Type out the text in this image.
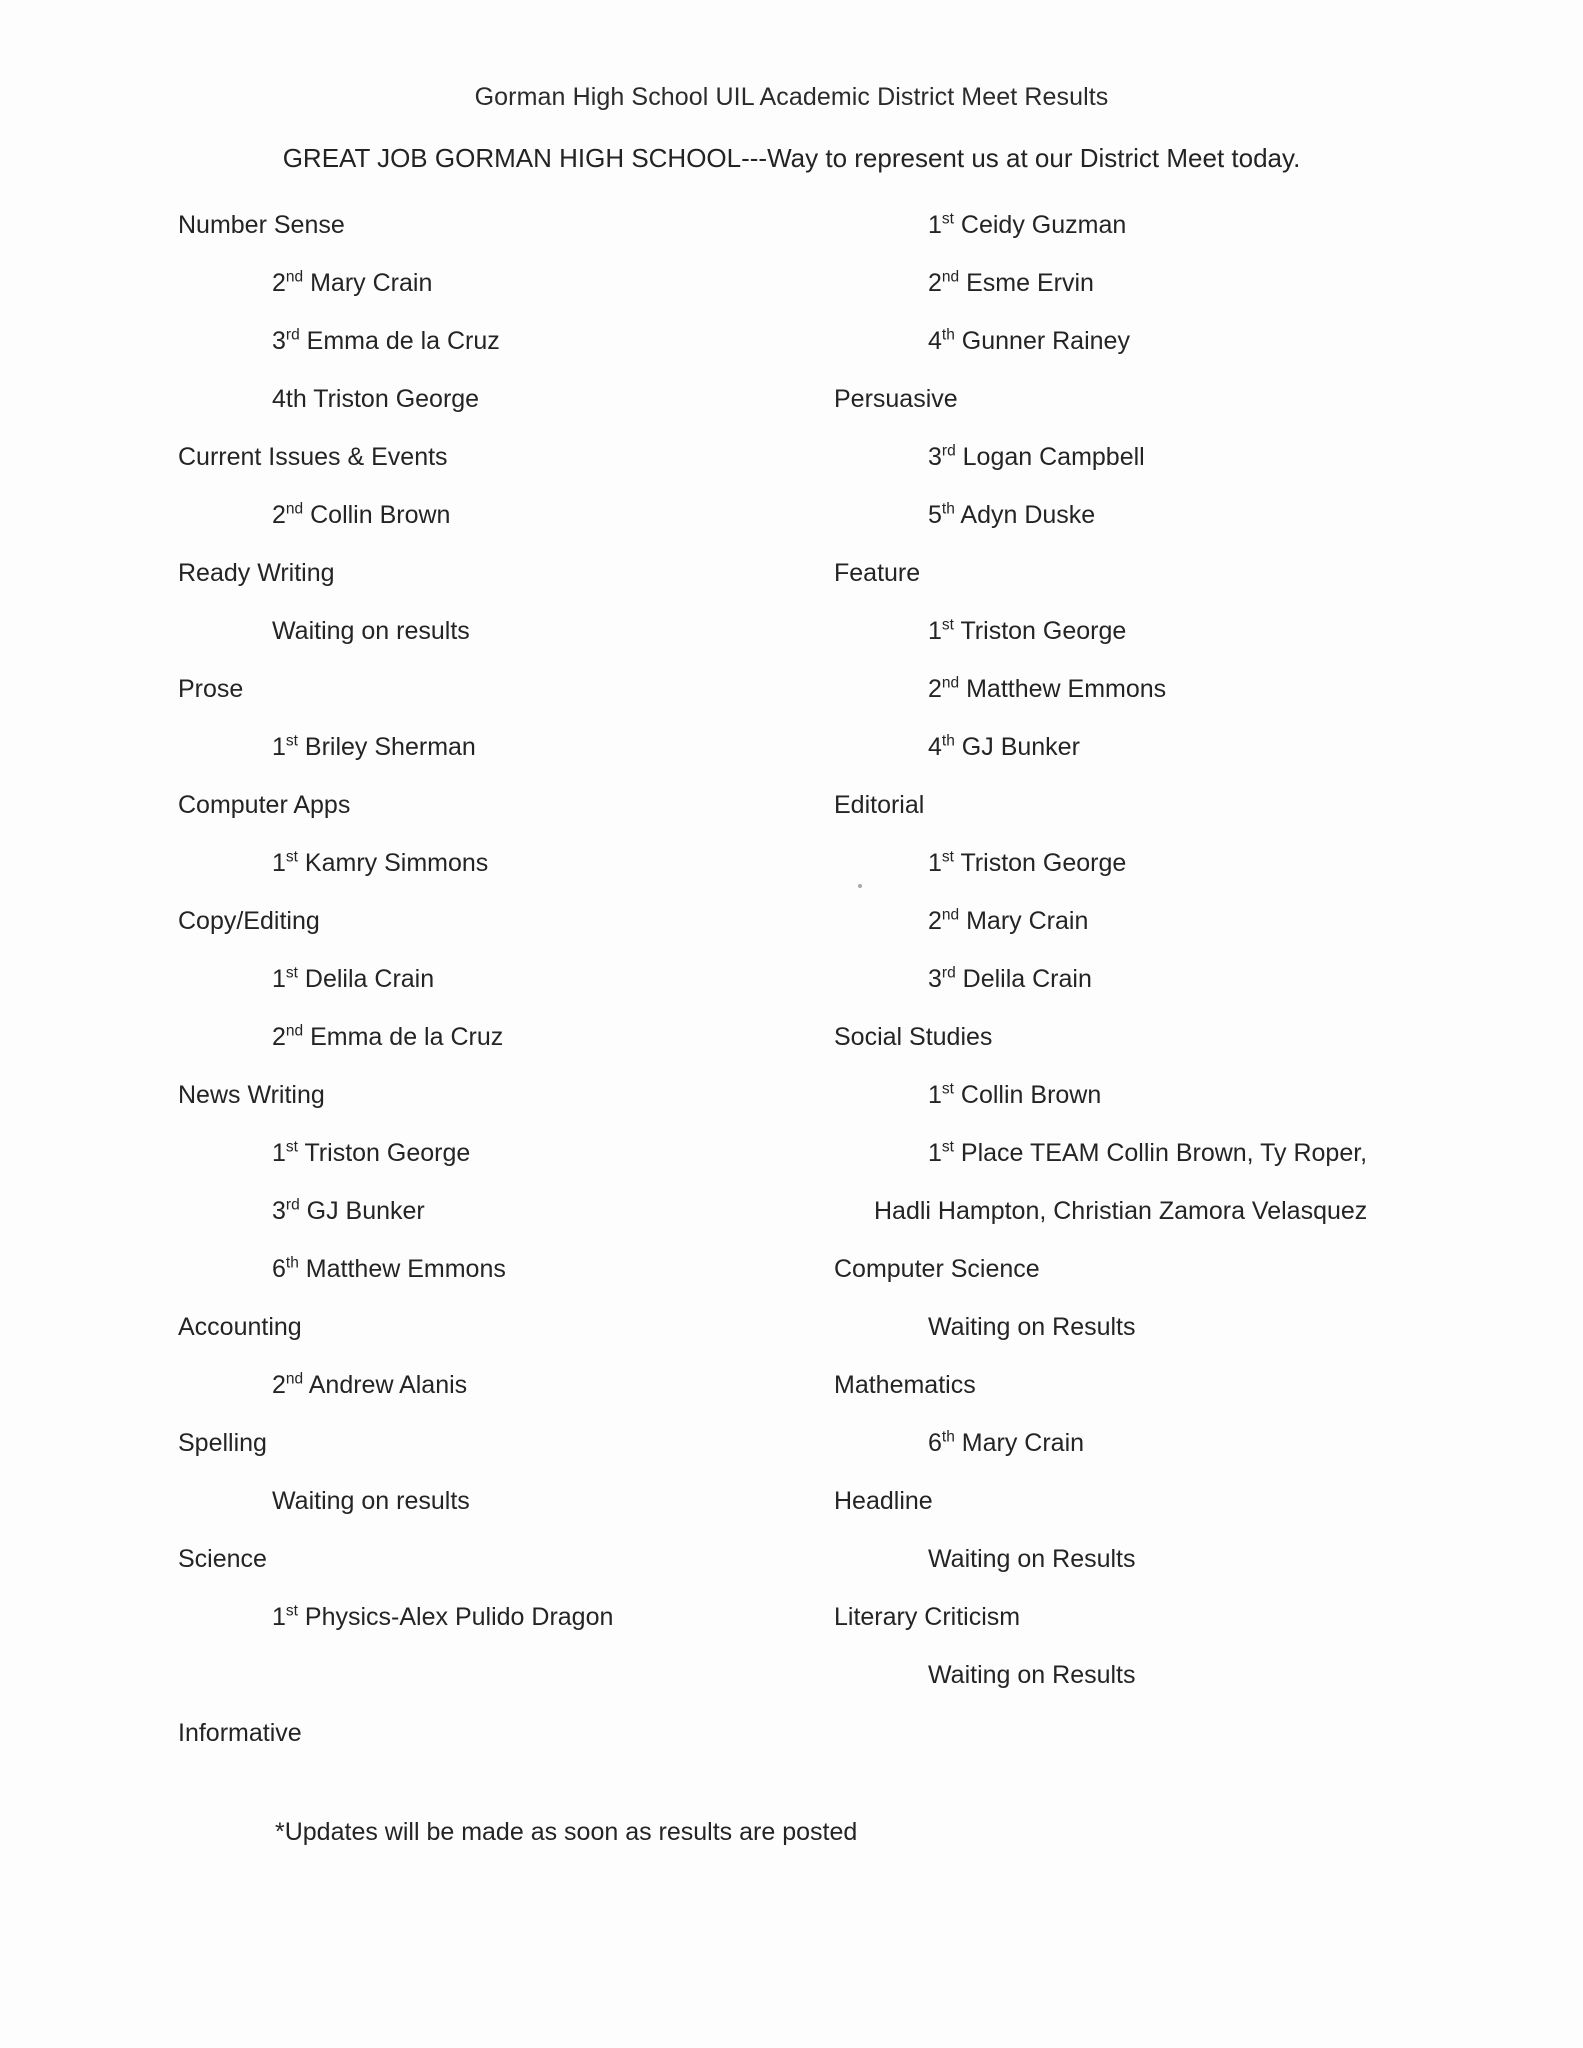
Gorman High School UIL Academic District Meet Results
GREAT JOB GORMAN HIGH SCHOOL---Way to represent us at our District Meet today.
Number Sense
2nd Mary Crain
3rd Emma de la Cruz
4th Triston George
Current Issues & Events
2nd Collin Brown
Ready Writing
Waiting on results
Prose
1st Briley Sherman
Computer Apps
1st Kamry Simmons
Copy/Editing
1st Delila Crain
2nd Emma de la Cruz
News Writing
1st Triston George
3rd GJ Bunker
6th Matthew Emmons
Accounting
2nd Andrew Alanis
Spelling
Waiting on results
Science
1st Physics-Alex Pulido Dragon

Informative
1st Ceidy Guzman
2nd Esme Ervin
4th Gunner Rainey
Persuasive
3rd Logan Campbell
5th Adyn Duske
Feature
1st Triston George
2nd Matthew Emmons
4th GJ Bunker
Editorial
1st Triston George
2nd Mary Crain
3rd Delila Crain
Social Studies
1st Collin Brown
1st Place TEAM Collin Brown, Ty Roper,
Hadli Hampton, Christian Zamora Velasquez
Computer Science
Waiting on Results
Mathematics
6th Mary Crain
Headline
Waiting on Results
Literary Criticism
Waiting on Results
*Updates will be made as soon as results are posted
